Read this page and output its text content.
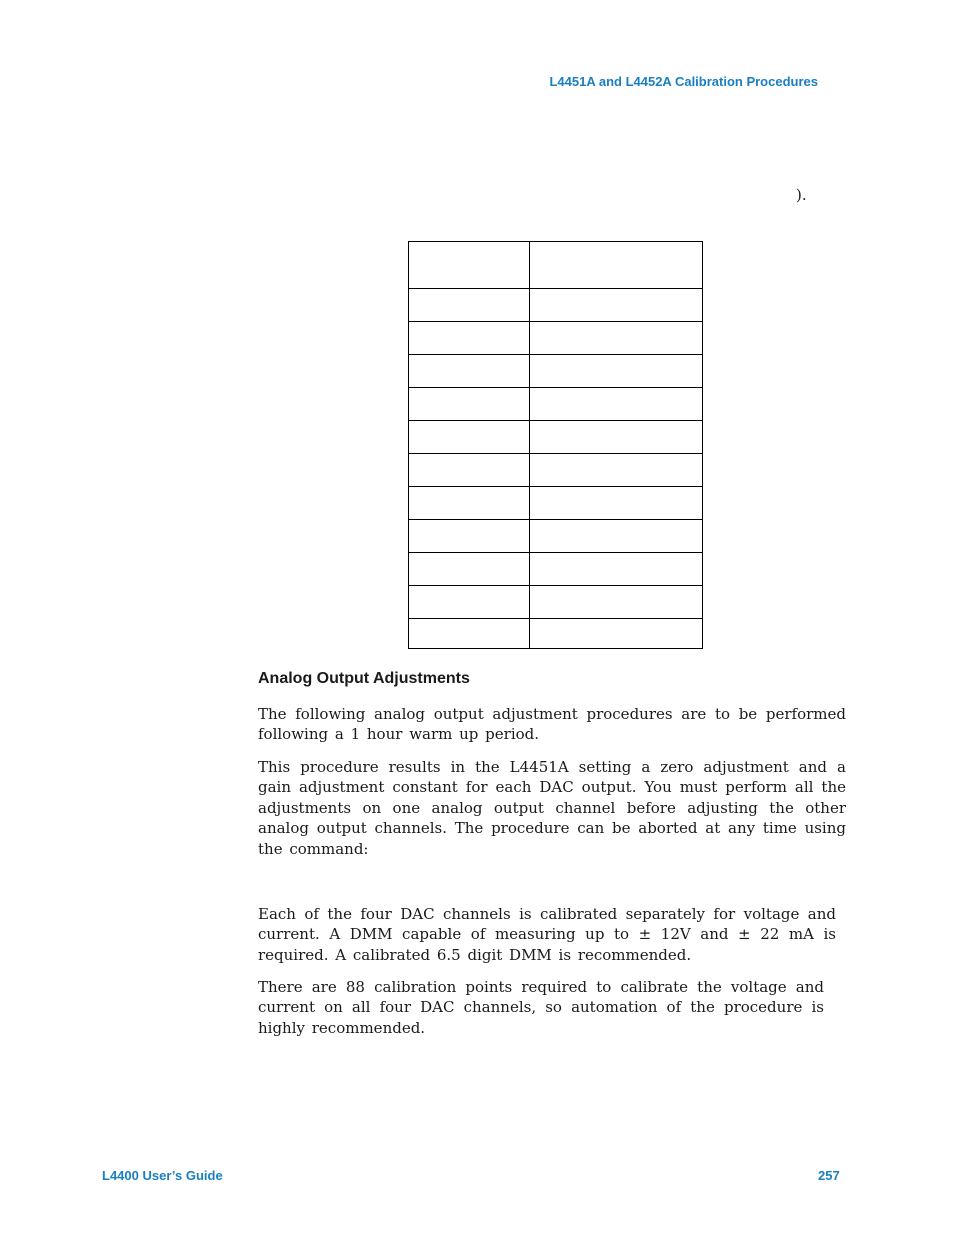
L4451A and L4452A Calibration Procedures
).

Analog Output Adjustments

The following analog output adjustment procedures are to be performed following a 1 hour warm up period.

This procedure results in the L4451A setting a zero adjustment and a gain adjustment constant for each DAC output. You must perform all the adjustments on one analog output channel before adjusting the other analog output channels. The procedure can be aborted at any time using the command:

Each of the four DAC channels is calibrated separately for voltage and current. A DMM capable of measuring up to ± 12V and ± 22 mA is required. A calibrated 6.5 digit DMM is recommended.

There are 88 calibration points required to calibrate the voltage and current on all four DAC channels, so automation of the procedure is highly recommended.

L4400 User’s Guide	257
